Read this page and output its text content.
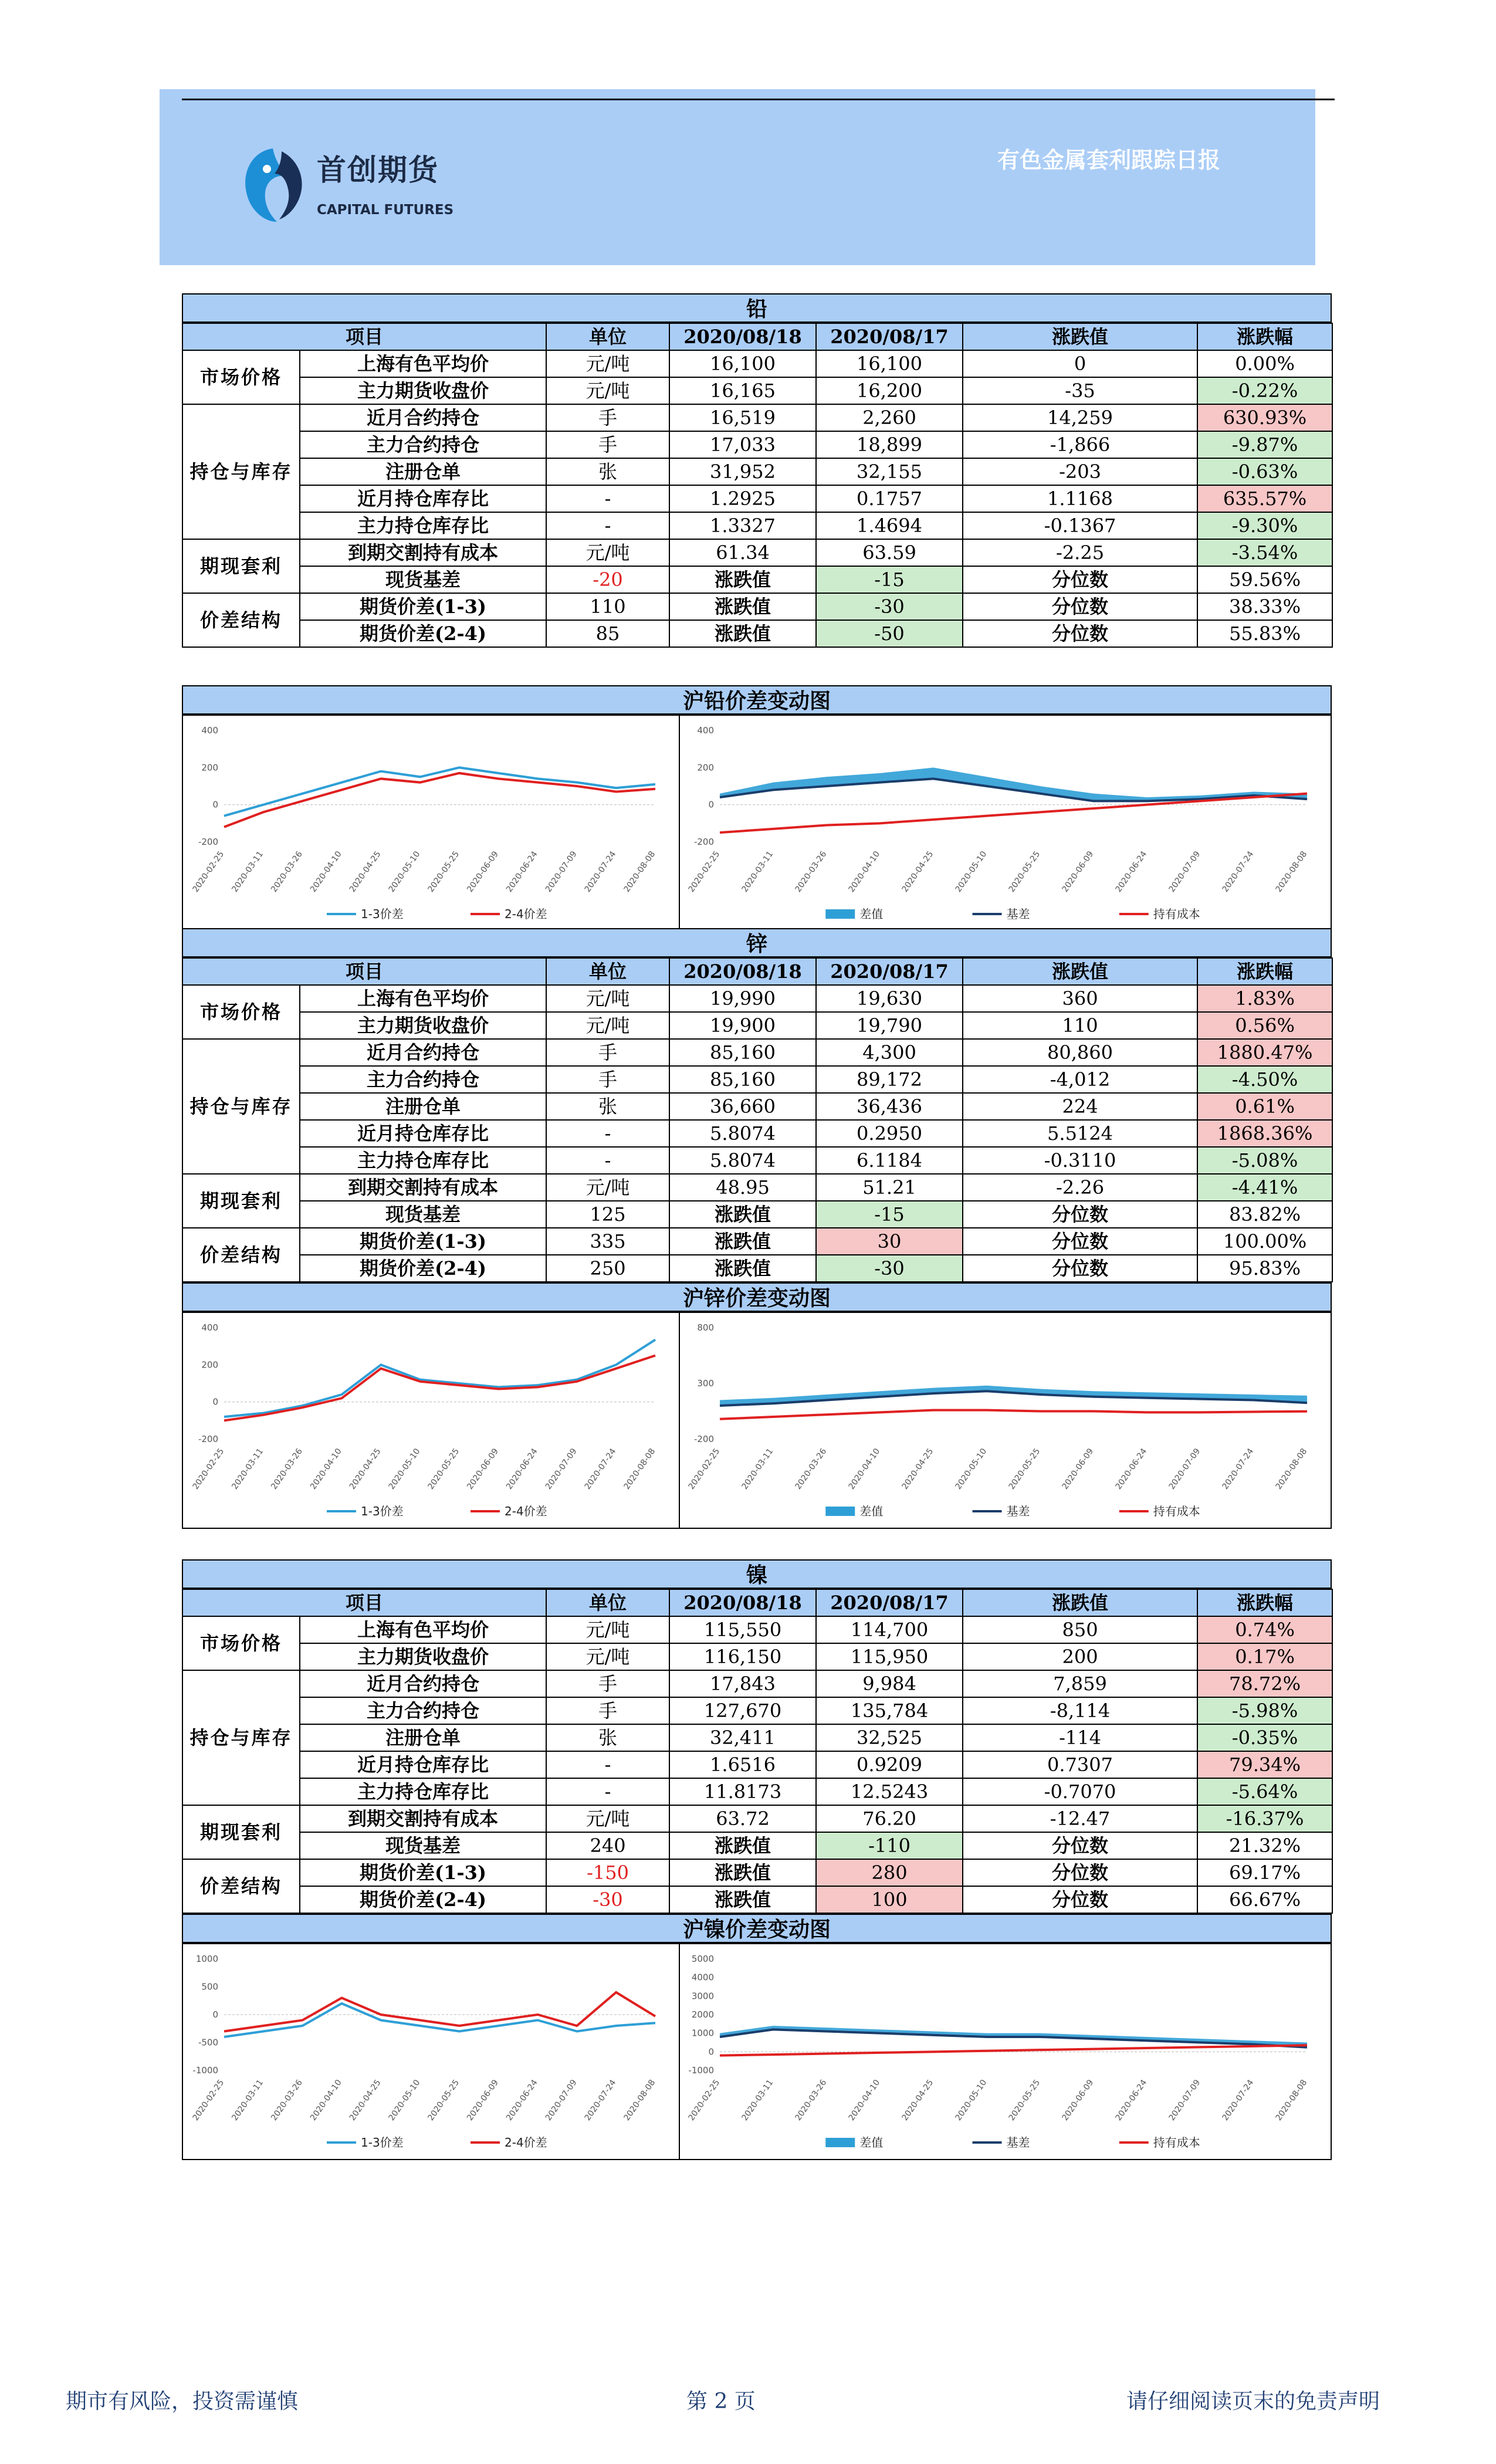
首创期货
CAPITAL FUTURES
有色金属套利跟踪日报
铅
项目		单位	2020/08/18	2020/08/17	涨跌值	涨跌幅
市场价格	上海有色平均价	元/吨	16,100	16,100	0	0.00%
	主力期货收盘价	元/吨	16,165	16,200	-35	-0.22%
持仓与库存	近月合约持仓	手	16,519	2,260	14,259	630.93%
	主力合约持仓	手	17,033	18,899	-1,866	-9.87%
	注册仓单	张	31,952	32,155	-203	-0.63%
	近月持仓库存比	-	1.2925	0.1757	1.1168	635.57%
	主力持仓库存比	-	1.3327	1.4694	-0.1367	-9.30%
期现套利	到期交割持有成本	元/吨	61.34	63.59	-2.25	-3.54%
	现货基差	-20	涨跌值	-15	分位数	59.56%
价差结构	期货价差(1-3)	110	涨跌值	-30	分位数	38.33%
	期货价差(2-4)	85	涨跌值	-50	分位数	55.83%
沪铅价差变动图
400
200
0
-200
2020-02-25 2020-03-11 2020-03-26 2020-04-10 2020-04-25 2020-05-10 2020-05-25 2020-06-09 2020-06-24 2020-07-09 2020-07-24 2020-08-08
1-3价差	2-4价差
400
200
0
-200
2020-02-25 2020-03-11 2020-03-26 2020-04-10 2020-04-25 2020-05-10 2020-05-25 2020-06-09 2020-06-24 2020-07-09 2020-07-24 2020-08-08
差值	基差	持有成本
锌
项目		单位	2020/08/18	2020/08/17	涨跌值	涨跌幅
市场价格	上海有色平均价	元/吨	19,990	19,630	360	1.83%
	主力期货收盘价	元/吨	19,900	19,790	110	0.56%
持仓与库存	近月合约持仓	手	85,160	4,300	80,860	1880.47%
	主力合约持仓	手	85,160	89,172	-4,012	-4.50%
	注册仓单	张	36,660	36,436	224	0.61%
	近月持仓库存比	-	5.8074	0.2950	5.5124	1868.36%
	主力持仓库存比	-	5.8074	6.1184	-0.3110	-5.08%
期现套利	到期交割持有成本	元/吨	48.95	51.21	-2.26	-4.41%
	现货基差	125	涨跌值	-15	分位数	83.82%
价差结构	期货价差(1-3)	335	涨跌值	30	分位数	100.00%
	期货价差(2-4)	250	涨跌值	-30	分位数	95.83%
沪锌价差变动图
400
200
0
-200
2020-02-25 2020-03-11 2020-03-26 2020-04-10 2020-04-25 2020-05-10 2020-05-25 2020-06-09 2020-06-24 2020-07-09 2020-07-24 2020-08-08
1-3价差	2-4价差
800
300
-200
2020-02-25 2020-03-11 2020-03-26 2020-04-10 2020-04-25 2020-05-10 2020-05-25 2020-06-09 2020-06-24 2020-07-09 2020-07-24 2020-08-08
差值	基差	持有成本
镍
项目		单位	2020/08/18	2020/08/17	涨跌值	涨跌幅
市场价格	上海有色平均价	元/吨	115,550	114,700	850	0.74%
	主力期货收盘价	元/吨	116,150	115,950	200	0.17%
持仓与库存	近月合约持仓	手	17,843	9,984	7,859	78.72%
	主力合约持仓	手	127,670	135,784	-8,114	-5.98%
	注册仓单	张	32,411	32,525	-114	-0.35%
	近月持仓库存比	-	1.6516	0.9209	0.7307	79.34%
	主力持仓库存比	-	11.8173	12.5243	-0.7070	-5.64%
期现套利	到期交割持有成本	元/吨	63.72	76.20	-12.47	-16.37%
	现货基差	240	涨跌值	-110	分位数	21.32%
价差结构	期货价差(1-3)	-150	涨跌值	280	分位数	69.17%
	期货价差(2-4)	-30	涨跌值	100	分位数	66.67%
沪镍价差变动图
1000
500
0
-500
-1000
2020-02-25 2020-03-11 2020-03-26 2020-04-10 2020-04-25 2020-05-10 2020-05-25 2020-06-09 2020-06-24 2020-07-09 2020-07-24 2020-08-08
1-3价差	2-4价差
5000
4000
3000
2000
1000
0
-1000
2020-02-25 2020-03-11 2020-03-26 2020-04-10 2020-04-25 2020-05-10 2020-05-25 2020-06-09 2020-06-24 2020-07-09 2020-07-24 2020-08-08
差值	基差	持有成本
期市有风险，投资需谨慎	第 2 页	请仔细阅读页末的免责声明
